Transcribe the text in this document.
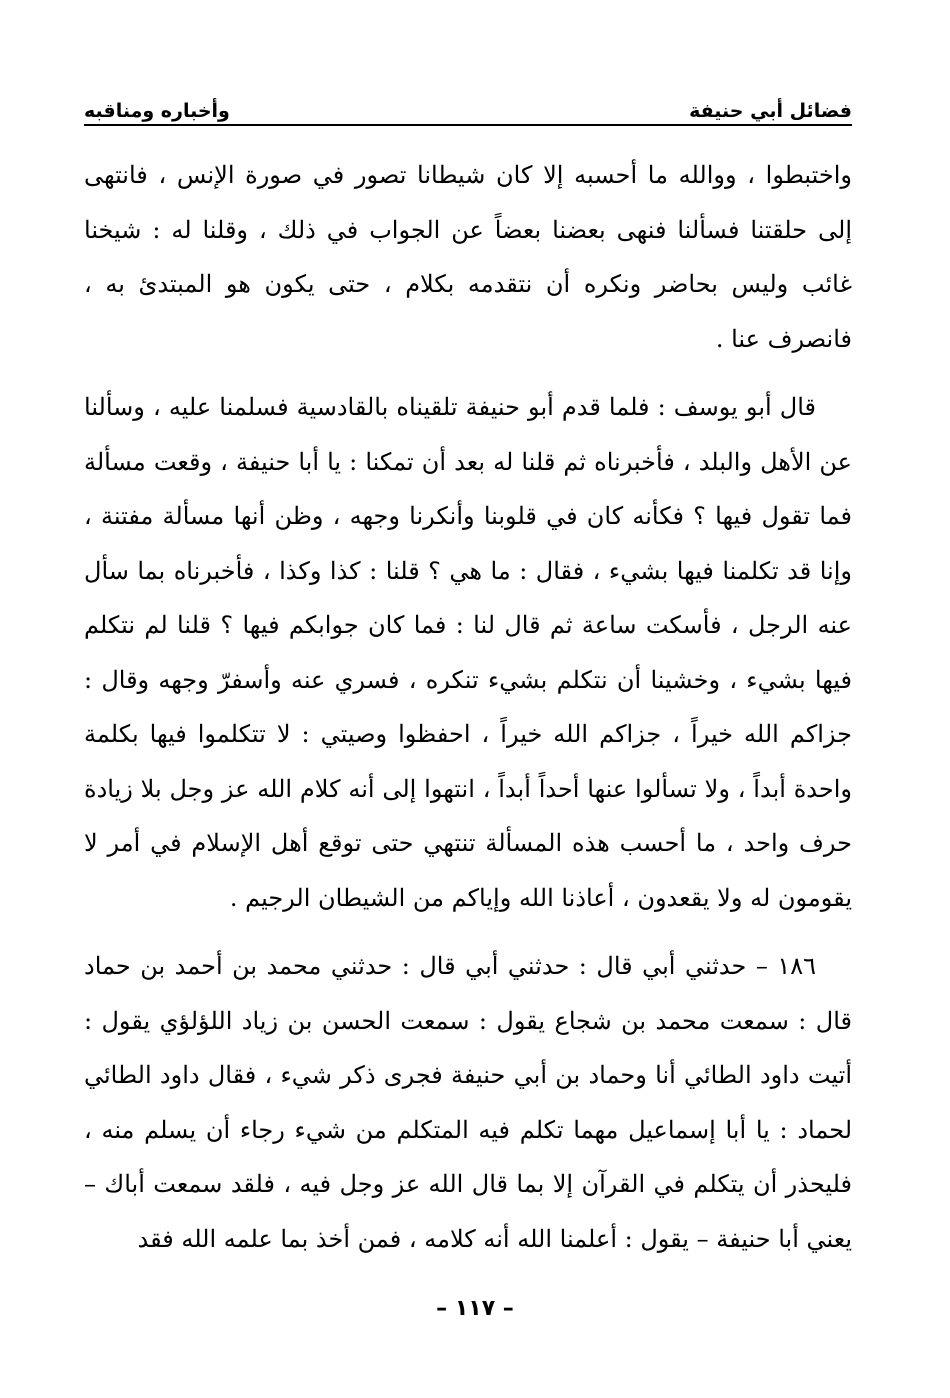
فضائل أبي حنيفة
وأخباره ومناقبه

واختبطوا ، ووالله ما أحسبه إلا كان شيطانا تصور في صورة الإنس ، فانتهى إلى حلقتنا فسألنا فنهى بعضنا بعضاً عن الجواب في ذلك ، وقلنا له : شيخنا غائب وليس بحاضر ونكره أن نتقدمه بكلام ، حتى يكون هو المبتدئ به ، فانصرف عنا .

قال أبو يوسف : فلما قدم أبو حنيفة تلقيناه بالقادسية فسلمنا عليه ، وسألنا عن الأهل والبلد ، فأخبرناه ثم قلنا له بعد أن تمكنا : يا أبا حنيفة ، وقعت مسألة فما تقول فيها ؟ فكأنه كان في قلوبنا وأنكرنا وجهه ، وظن أنها مسألة مفتنة ، وإنا قد تكلمنا فيها بشيء ، فقال : ما هي ؟ قلنا : كذا وكذا ، فأخبرناه بما سأل عنه الرجل ، فأسكت ساعة ثم قال لنا : فما كان جوابكم فيها ؟ قلنا لم نتكلم فيها بشيء ، وخشينا أن نتكلم بشيء تنكره ، فسري عنه وأسفرّ وجهه وقال : جزاكم الله خيراً ، جزاكم الله خيراً ، احفظوا وصيتي : لا تتكلموا فيها بكلمة واحدة أبداً ، ولا تسألوا عنها أحداً أبداً ، انتهوا إلى أنه كلام الله عز وجل بلا زيادة حرف واحد ، ما أحسب هذه المسألة تنتهي حتى توقع أهل الإسلام في أمر لا يقومون له ولا يقعدون ، أعاذنا الله وإياكم من الشيطان الرجيم .

١٨٦ – حدثني أبي قال : حدثني أبي قال : حدثني محمد بن أحمد بن حماد قال : سمعت محمد بن شجاع يقول : سمعت الحسن بن زياد اللؤلؤي يقول : أتيت داود الطائي أنا وحماد بن أبي حنيفة فجرى ذكر شيء ، فقال داود الطائي لحماد : يا أبا إسماعيل مهما تكلم فيه المتكلم من شيء رجاء أن يسلم منه ، فليحذر أن يتكلم في القرآن إلا بما قال الله عز وجل فيه ، فلقد سمعت أباك – يعني أبا حنيفة – يقول : أعلمنا الله أنه كلامه ، فمن أخذ بما علمه الله فقد

– ١١٧ –
